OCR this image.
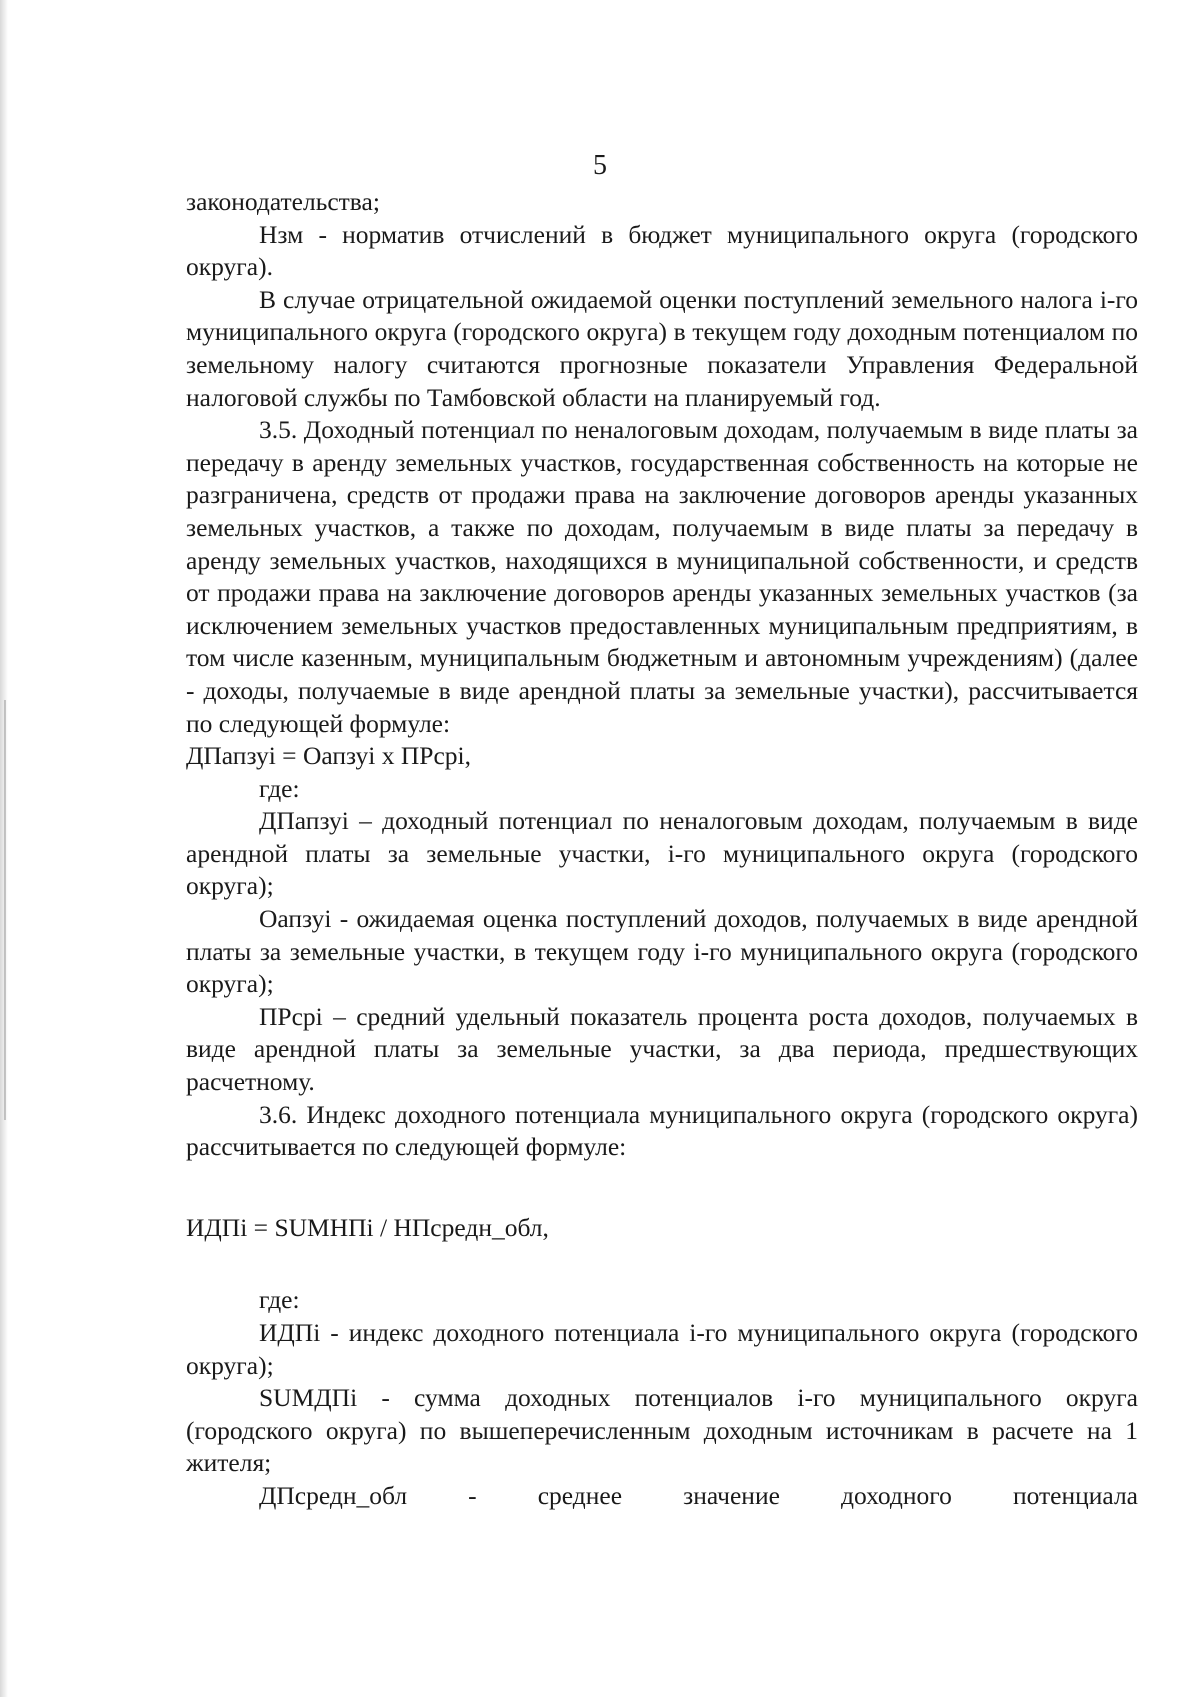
5

законодательства;

Нзм - норматив отчислений в бюджет муниципального округа (городского округа).

В случае отрицательной ожидаемой оценки поступлений земельного налога i-го муниципального округа (городского округа) в текущем году доходным потенциалом по земельному налогу считаются прогнозные показатели Управления Федеральной налоговой службы по Тамбовской области на планируемый год.

3.5. Доходный потенциал по неналоговым доходам, получаемым в виде платы за передачу в аренду земельных участков, государственная собственность на которые не разграничена, средств от продажи права на заключение договоров аренды указанных земельных участков, а также по доходам, получаемым в виде платы за передачу в аренду земельных участков, находящихся в муниципальной собственности, и средств от продажи права на заключение договоров аренды указанных земельных участков (за исключением земельных участков предоставленных муниципальным предприятиям, в том числе казенным, муниципальным бюджетным и автономным учреждениям) (далее - доходы, получаемые в виде арендной платы за земельные участки), рассчитывается по следующей формуле:

ДПапзуi = Оапзуi х ПРсрi,

где:

ДПапзуi – доходный потенциал по неналоговым доходам, получаемым в виде арендной платы за земельные участки, i-го муниципального округа (городского округа);

Оапзуi - ожидаемая оценка поступлений доходов, получаемых в виде арендной платы за земельные участки, в текущем году i-го муниципального округа (городского округа);

ПРсрi – средний удельный показатель процента роста доходов, получаемых в виде арендной платы за земельные участки, за два периода, предшествующих расчетному.

3.6. Индекс доходного потенциала муниципального округа (городского округа) рассчитывается по следующей формуле:

ИДПi = SUMНПi / НПсредн_обл,

где:

ИДПi - индекс доходного потенциала i-го муниципального округа (городского округа);

SUMДПi - сумма доходных потенциалов i-го муниципального округа (городского округа) по вышеперечисленным доходным источникам в расчете на 1 жителя;

ДПсредн_обл - среднее значение доходного потенциала
